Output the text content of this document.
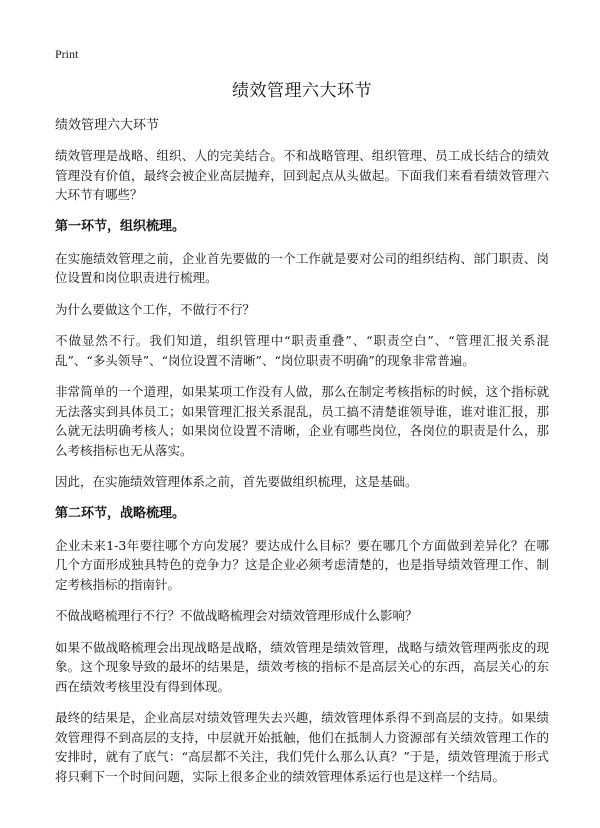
Print
绩效管理六大环节

绩效管理六大环节

绩效管理是战略、组织、人的完美结合。不和战略管理、组织管理、员工成长结合的绩效管理没有价值，最终会被企业高层抛弃，回到起点从头做起。下面我们来看看绩效管理六大环节有哪些？

第一环节，组织梳理。

在实施绩效管理之前，企业首先要做的一个工作就是要对公司的组织结构、部门职责、岗位设置和岗位职责进行梳理。

为什么要做这个工作，不做行不行？

不做显然不行。我们知道，组织管理中“职责重叠”、“职责空白”、“管理汇报关系混乱”、“多头领导”、“岗位设置不清晰”、“岗位职责不明确”的现象非常普遍。

非常简单的一个道理，如果某项工作没有人做，那么在制定考核指标的时候，这个指标就无法落实到具体员工；如果管理汇报关系混乱，员工搞不清楚谁领导谁，谁对谁汇报，那么就无法明确考核人；如果岗位设置不清晰，企业有哪些岗位，各岗位的职责是什么，那么考核指标也无从落实。

因此，在实施绩效管理体系之前，首先要做组织梳理，这是基础。

第二环节，战略梳理。

企业未来1-3年要往哪个方向发展？要达成什么目标？要在哪几个方面做到差异化？在哪几个方面形成独具特色的竞争力？这是企业必须考虑清楚的，也是指导绩效管理工作、制定考核指标的指南针。

不做战略梳理行不行？不做战略梳理会对绩效管理形成什么影响？

如果不做战略梳理会出现战略是战略，绩效管理是绩效管理，战略与绩效管理两张皮的现象。这个现象导致的最坏的结果是，绩效考核的指标不是高层关心的东西，高层关心的东西在绩效考核里没有得到体现。

最终的结果是，企业高层对绩效管理失去兴趣，绩效管理体系得不到高层的支持。如果绩效管理得不到高层的支持，中层就开始抵触，他们在抵制人力资源部有关绩效管理工作的安排时，就有了底气：“高层都不关注，我们凭什么那么认真？”于是，绩效管理流于形式将只剩下一个时间问题，实际上很多企业的绩效管理体系运行也是这样一个结局。
